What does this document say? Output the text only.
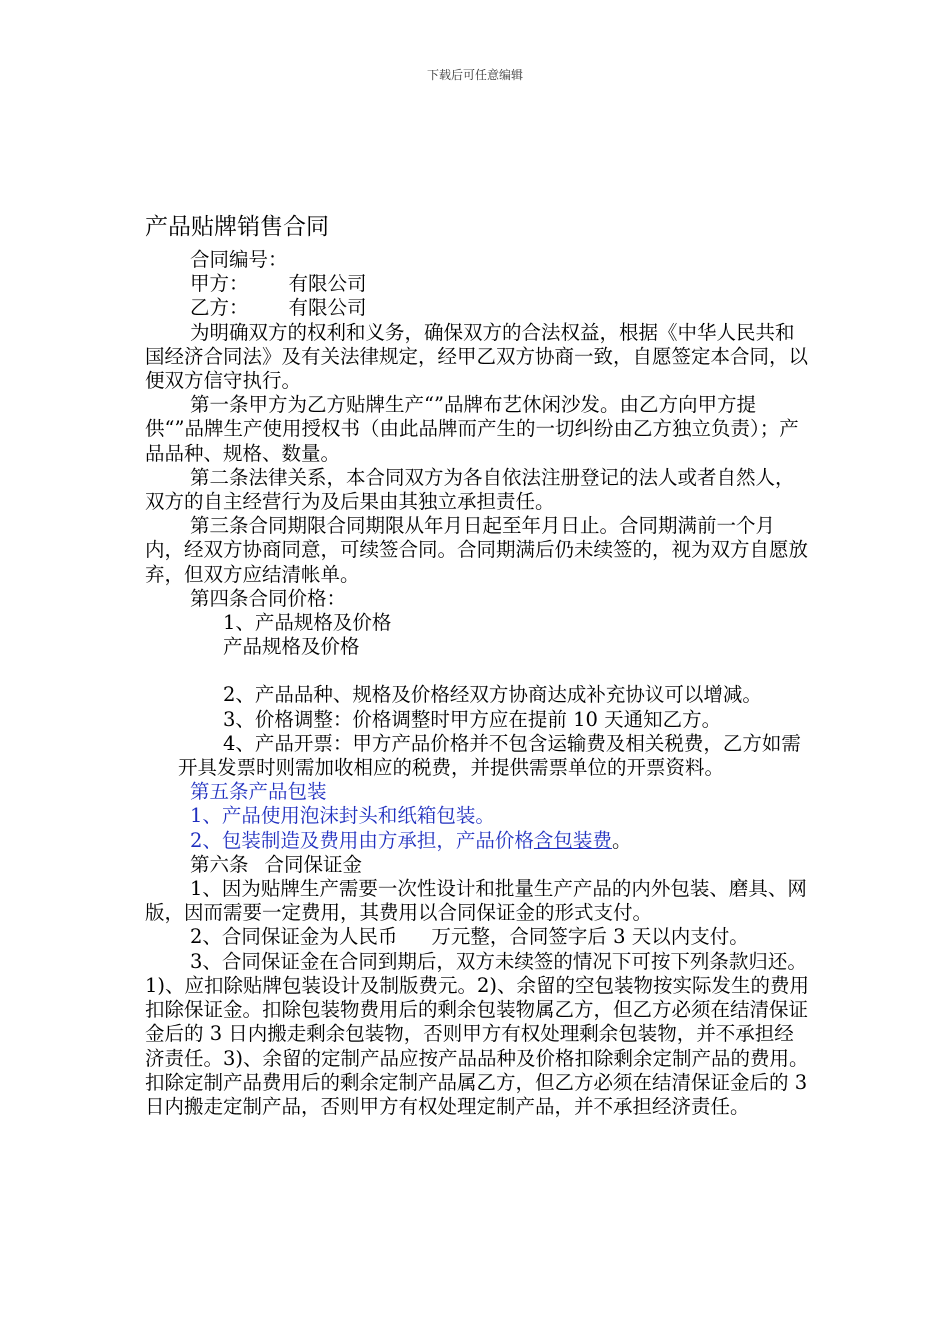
下载后可任意编辑
产品贴牌销售合同

合同编号：

甲方： 有限公司

乙方： 有限公司

为明确双方的权利和义务，确保双方的合法权益，根据《中华人民共和国经济合同法》及有关法律规定，经甲乙双方协商一致，自愿签定本合同，以便双方信守执行。

第一条甲方为乙方贴牌生产“”品牌布艺休闲沙发。由乙方向甲方提供“”品牌生产使用授权书（由此品牌而产生的一切纠纷由乙方独立负责）；产品品种、规格、数量。

第二条法律关系，本合同双方为各自依法注册登记的法人或者自然人，双方的自主经营行为及后果由其独立承担责任。

第三条合同期限合同期限从年月日起至年月日止。合同期满前一个月内，经双方协商同意，可续签合同。合同期满后仍未续签的，视为双方自愿放弃，但双方应结清帐单。

第四条合同价格：

1、产品规格及价格

产品规格及价格

2、产品品种、规格及价格经双方协商达成补充协议可以增减。

3、价格调整：价格调整时甲方应在提前 10 天通知乙方。

4、产品开票：甲方产品价格并不包含运输费及相关税费，乙方如需开具发票时则需加收相应的税费，并提供需票单位的开票资料。

第五条产品包装

1、产品使用泡沫封头和纸箱包装。

2、包装制造及费用由方承担，产品价格含包装费。

第六条 合同保证金

1、因为贴牌生产需要一次性设计和批量生产产品的内外包装、磨具、网版，因而需要一定费用，其费用以合同保证金的形式支付。

2、合同保证金为人民币 万元整，合同签字后 3 天以内支付。

3、合同保证金在合同到期后，双方未续签的情况下可按下列条款归还。1)、应扣除贴牌包装设计及制版费元。2)、余留的空包装物按实际发生的费用扣除保证金。扣除包装物费用后的剩余包装物属乙方，但乙方必须在结清保证金后的 3 日内搬走剩余包装物，否则甲方有权处理剩余包装物，并不承担经济责任。3)、余留的定制产品应按产品品种及价格扣除剩余定制产品的费用。扣除定制产品费用后的剩余定制产品属乙方，但乙方必须在结清保证金后的 3 日内搬走定制产品，否则甲方有权处理定制产品，并不承担经济责任。
